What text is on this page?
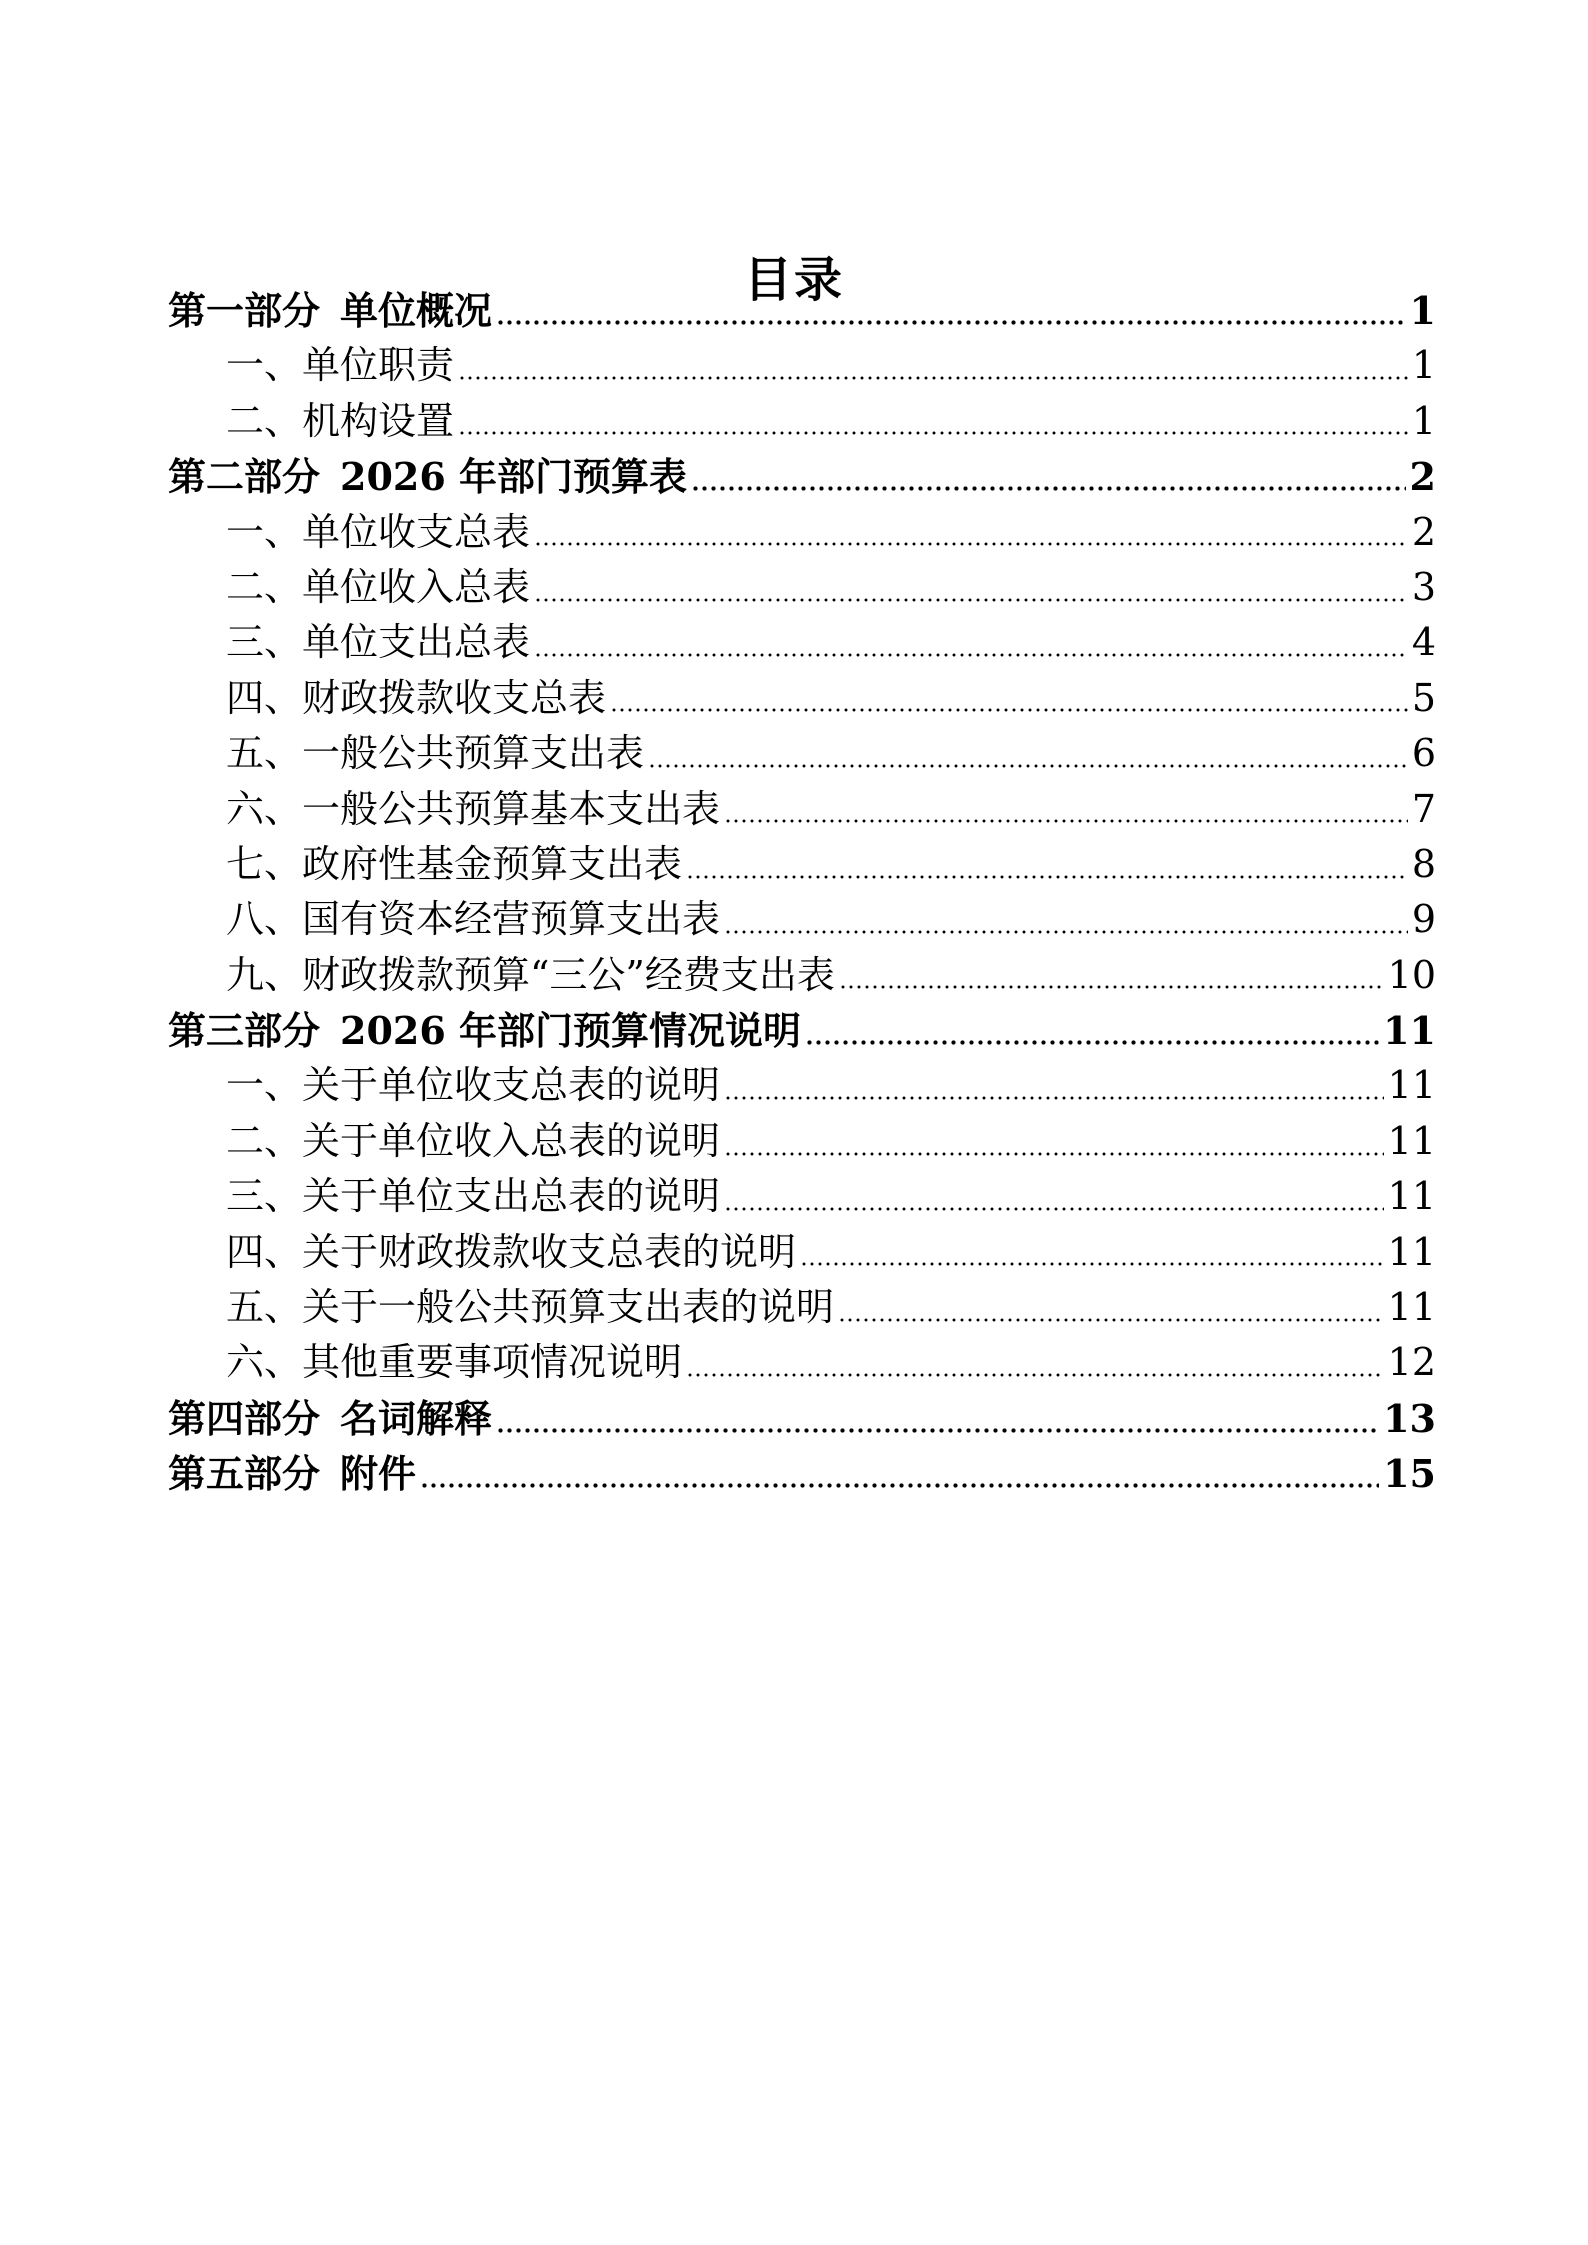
目录
第一部分 单位概况	1
一、单位职责	1
二、机构设置	1
第二部分 2026 年部门预算表	2
一、单位收支总表	2
二、单位收入总表	3
三、单位支出总表	4
四、财政拨款收支总表	5
五、一般公共预算支出表	6
六、一般公共预算基本支出表	7
七、政府性基金预算支出表	8
八、国有资本经营预算支出表	9
九、财政拨款预算“三公”经费支出表	10
第三部分 2026 年部门预算情况说明	11
一、关于单位收支总表的说明	11
二、关于单位收入总表的说明	11
三、关于单位支出总表的说明	11
四、关于财政拨款收支总表的说明	11
五、关于一般公共预算支出表的说明	11
六、其他重要事项情况说明	12
第四部分 名词解释	13
第五部分 附件	15
